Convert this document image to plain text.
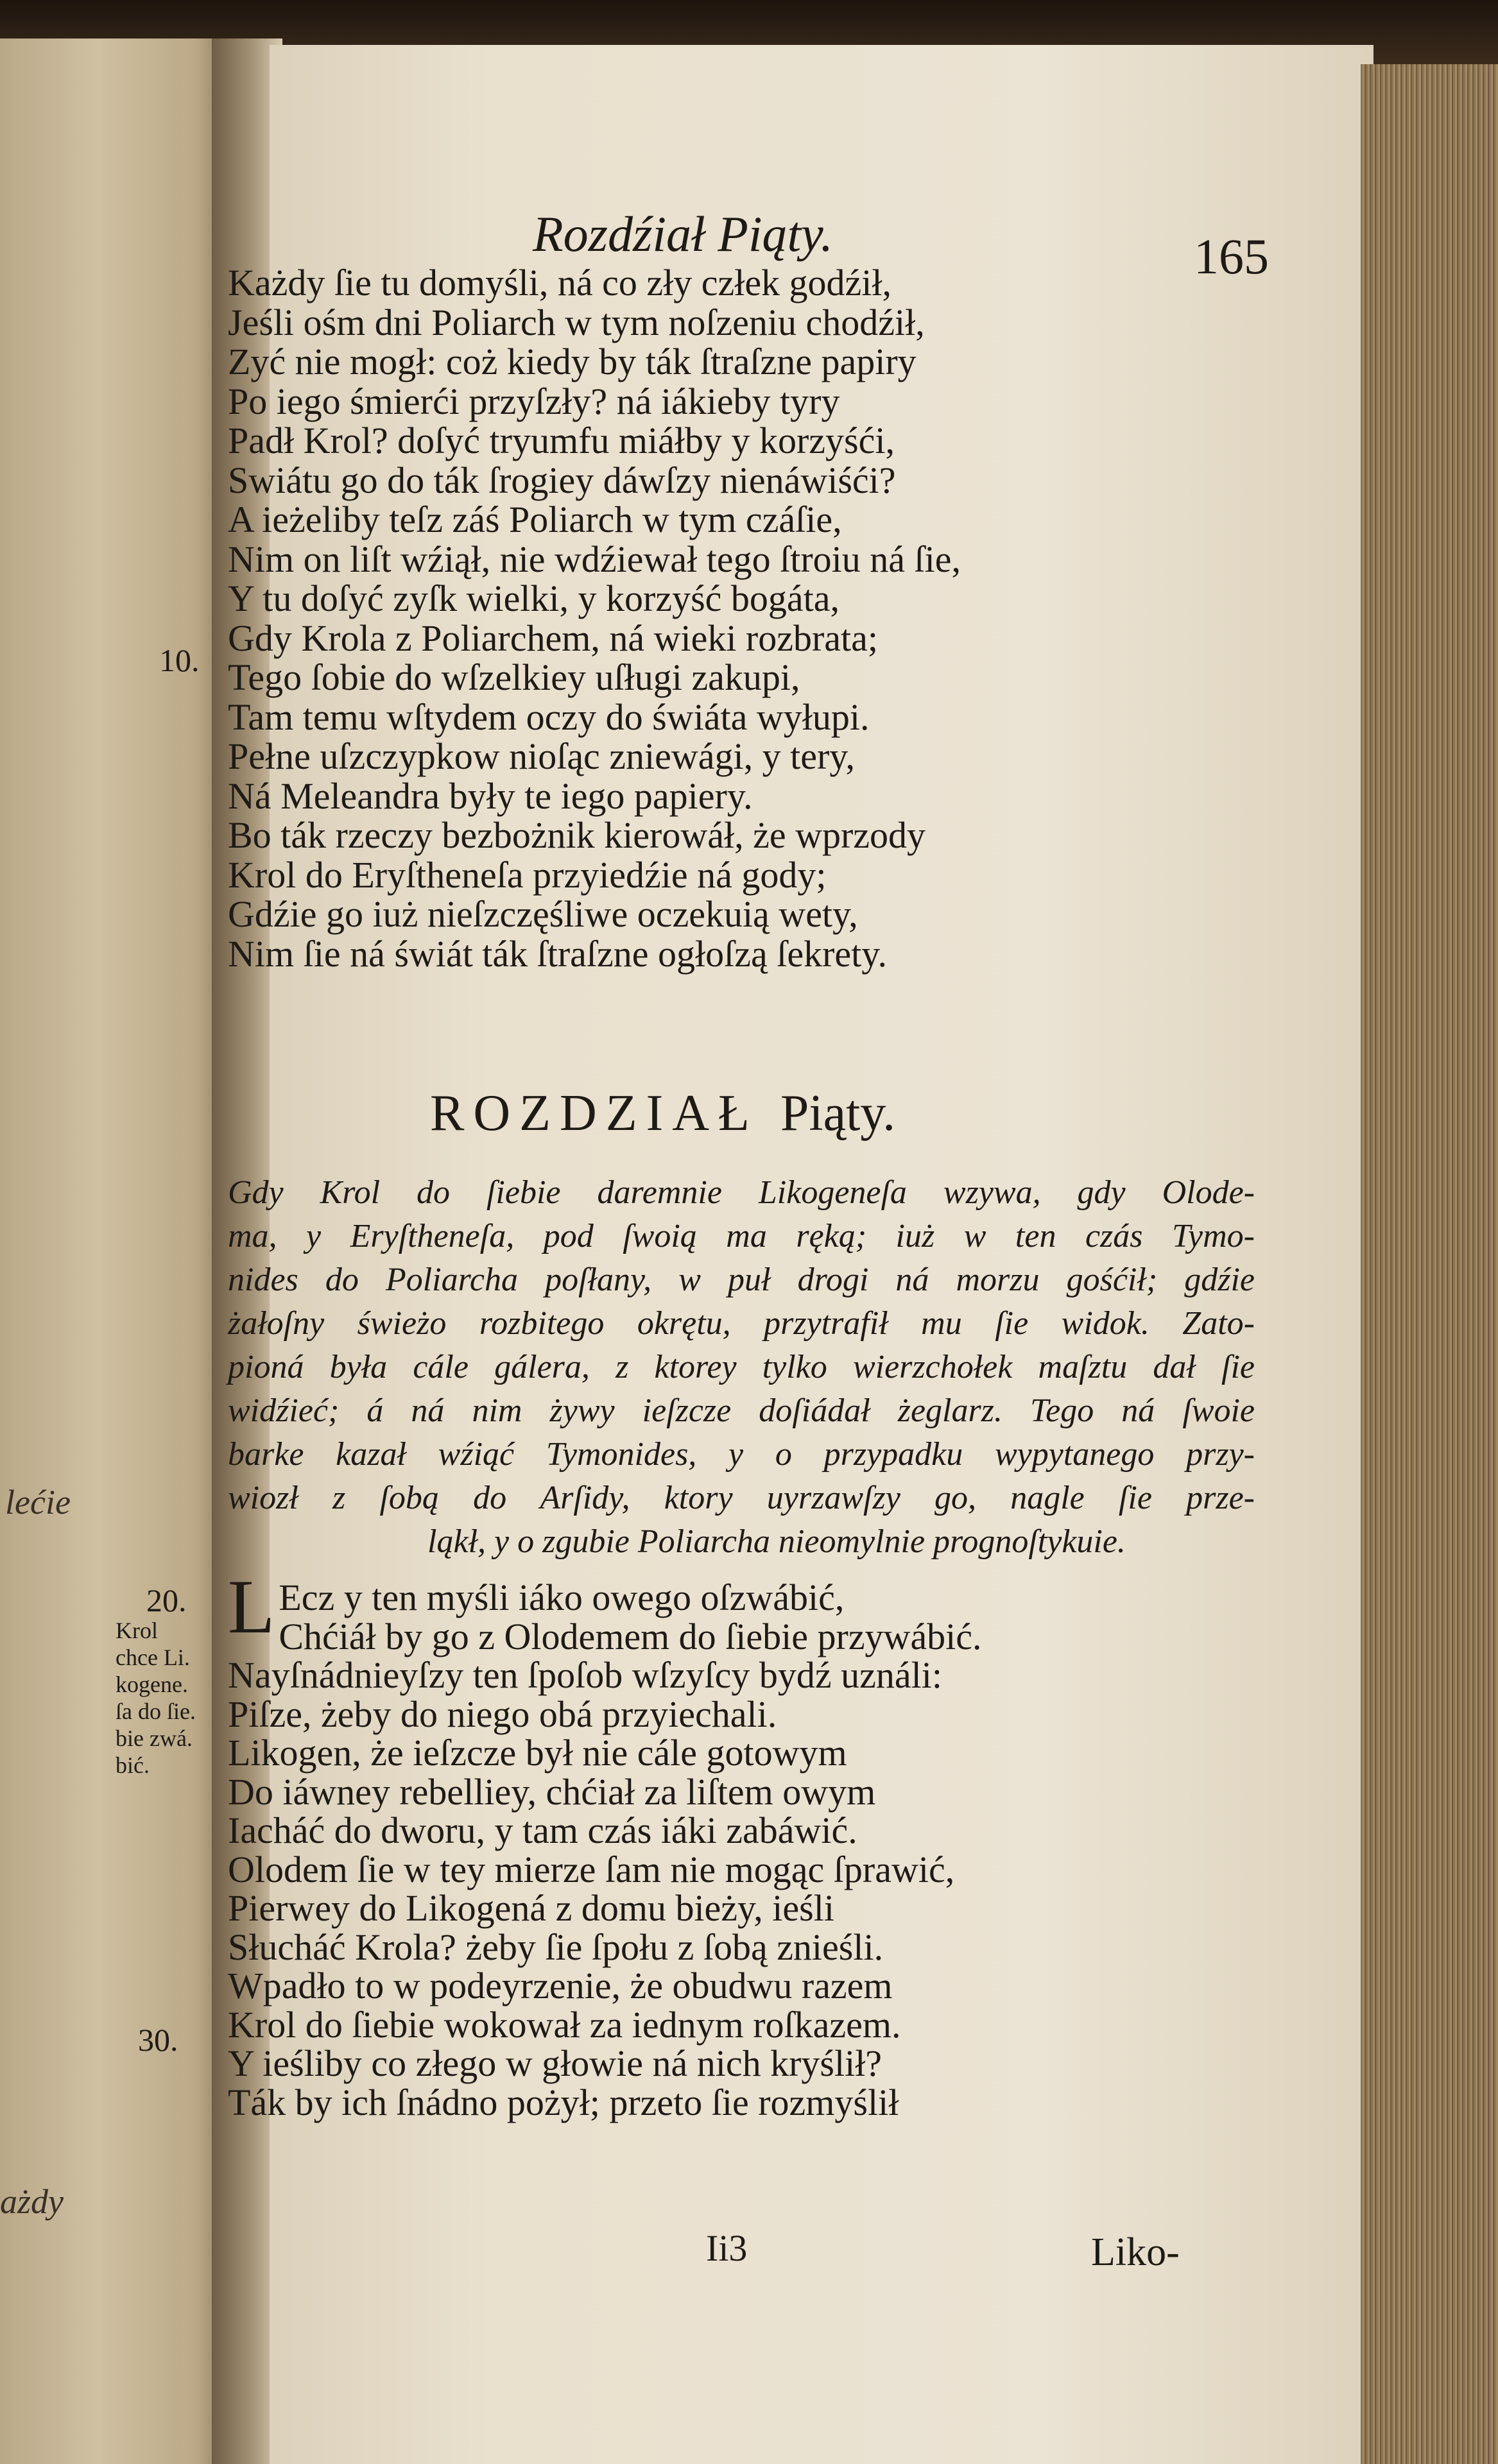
lećie
ażdy
Rozdźiał Piąty.	165
10.
20.
30.
Każdy ſie tu domyśli, ná co zły człek godźił,
Jeśli ośm dni Poliarch w tym noſzeniu chodźił,
Zyć nie mogł: coż kiedy by ták ſtraſzne papiry
Po iego śmierći przyſzły? ná iákieby tyry
Padł Krol? doſyć tryumfu miáłby y korzyśći,
Swiátu go do ták ſrogiey dáwſzy nienáwiśći?
A ieżeliby teſz záś Poliarch w tym czáſie,
Nim on liſt wźiął, nie wdźiewał tego ſtroiu ná ſie,
Y tu doſyć zyſk wielki, y korzyść bogáta,
Gdy Krola z Poliarchem, ná wieki rozbrata;
Tego ſobie do wſzelkiey uſługi zakupi,
Tam temu wſtydem oczy do świáta wyłupi.
Pełne uſzczypkow nioſąc zniewági, y tery,
Ná Meleandra były te iego papiery.
Bo ták rzeczy bezbożnik kierowáł, że wprzody
Krol do Eryſtheneſa przyiedźie ná gody;
Gdźie go iuż nieſzczęśliwe oczekuią wety,
Nim ſie ná świát ták ſtraſzne ogłoſzą ſekrety.
ROZDZIAŁ Piąty.
Gdy Krol do ſiebie daremnie Likogeneſa wzywa, gdy Olode-
ma, y Eryſtheneſa, pod ſwoią ma ręką; iuż w ten czás Tymo-
nides do Poliarcha poſłany, w puł drogi ná morzu gośćił; gdźie
żałoſny świeżo rozbitego okrętu, przytrafił mu ſie widok. Zato-
pioná była cále gálera, z ktorey tylko wierzchołek maſztu dał ſie
widźieć; á ná nim żywy ieſzcze doſiádał żeglarz. Tego ná ſwoie
barke kazał wźiąć Tymonides, y o przypadku wypytanego przy-
wiozł z ſobą do Arſidy, ktory uyrzawſzy go, nagle ſie prze-
ląkł, y o zgubie Poliarcha nieomylnie prognoſtykuie.
L Ecz y ten myśli iáko owego oſzwábić,
Chćiáł by go z Olodemem do ſiebie przywábić.
Nayſnádnieyſzy ten ſpoſob wſzyſcy bydź uználi:
Piſze, żeby do niego obá przyiechali.
Likogen, że ieſzcze był nie cále gotowym
Do iáwney rebelliey, chćiał za liſtem owym
Iacháć do dworu, y tam czás iáki zabáwić.
Olodem ſie w tey mierze ſam nie mogąc ſprawić,
Pierwey do Likogená z domu bieży, ieśli
Słucháć Krola? żeby ſie ſpołu z ſobą znieśli.
Wpadło to w podeyrzenie, że obudwu razem
Krol do ſiebie wokował za iednym roſkazem.
Y ieśliby co złego w głowie ná nich kryślił?
Ták by ich ſnádno pożył; przeto ſie rozmyślił
Krol
chce Li.
kogene.
ſa do ſie.
bie zwá.
bić.
Ii3	Liko-
